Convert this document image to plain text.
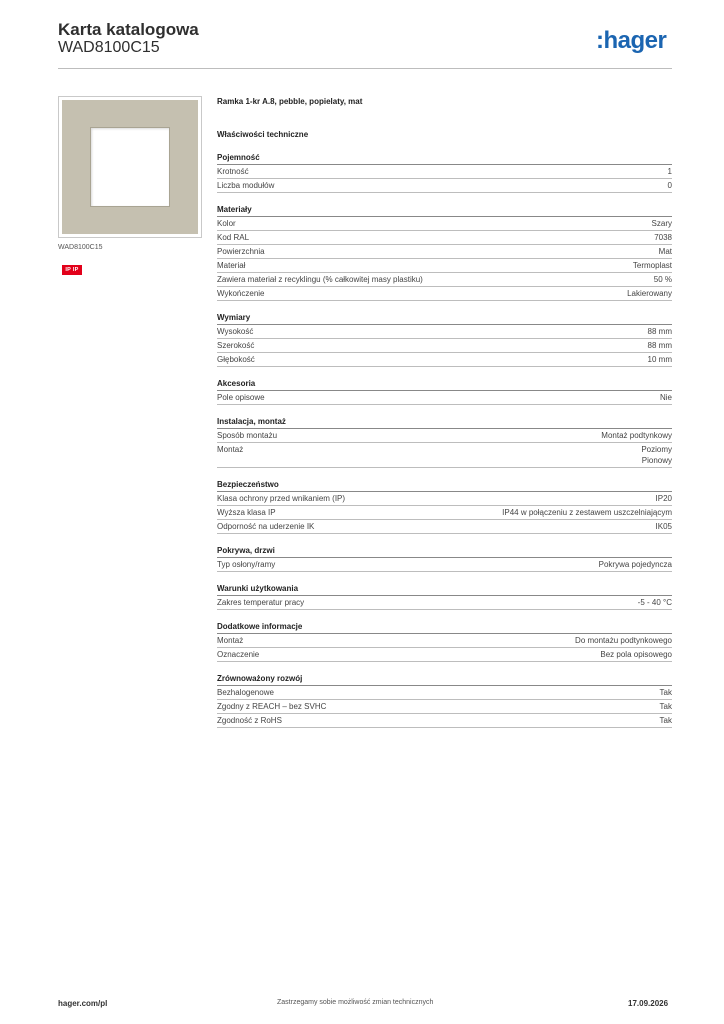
Karta katalogowa
WAD8100C15	:hager
WAD8100C15
IP IP
Ramka 1-kr A.8, pebble, popielaty, mat
Właściwości techniczne
Pojemność
Krotność	1
Liczba modułów	0
Materiały
Kolor	Szary
Kod RAL	7038
Powierzchnia	Mat
Materiał	Termoplast
Zawiera materiał z recyklingu (% całkowitej masy plastiku)	50 %
Wykończenie	Lakierowany
Wymiary
Wysokość	88 mm
Szerokość	88 mm
Głębokość	10 mm
Akcesoria
Pole opisowe	Nie
Instalacja, montaż
Sposób montażu	Montaż podtynkowy
Montaż	Poziomy
Pionowy
Bezpieczeństwo
Klasa ochrony przed wnikaniem (IP)	IP20
Wyższa klasa IP	IP44 w połączeniu z zestawem uszczelniającym
Odporność na uderzenie IK	IK05
Pokrywa, drzwi
Typ osłony/ramy	Pokrywa pojedyncza
Warunki użytkowania
Zakres temperatur pracy	-5 - 40 °C
Dodatkowe informacje
Montaż	Do montażu podtynkowego
Oznaczenie	Bez pola opisowego
Zrównoważony rozwój
Bezhalogenowe	Tak
Zgodny z REACH – bez SVHC	Tak
Zgodność z RoHS	Tak
hager.com/pl	Zastrzegamy sobie możliwość zmian technicznych	17.09.2026
